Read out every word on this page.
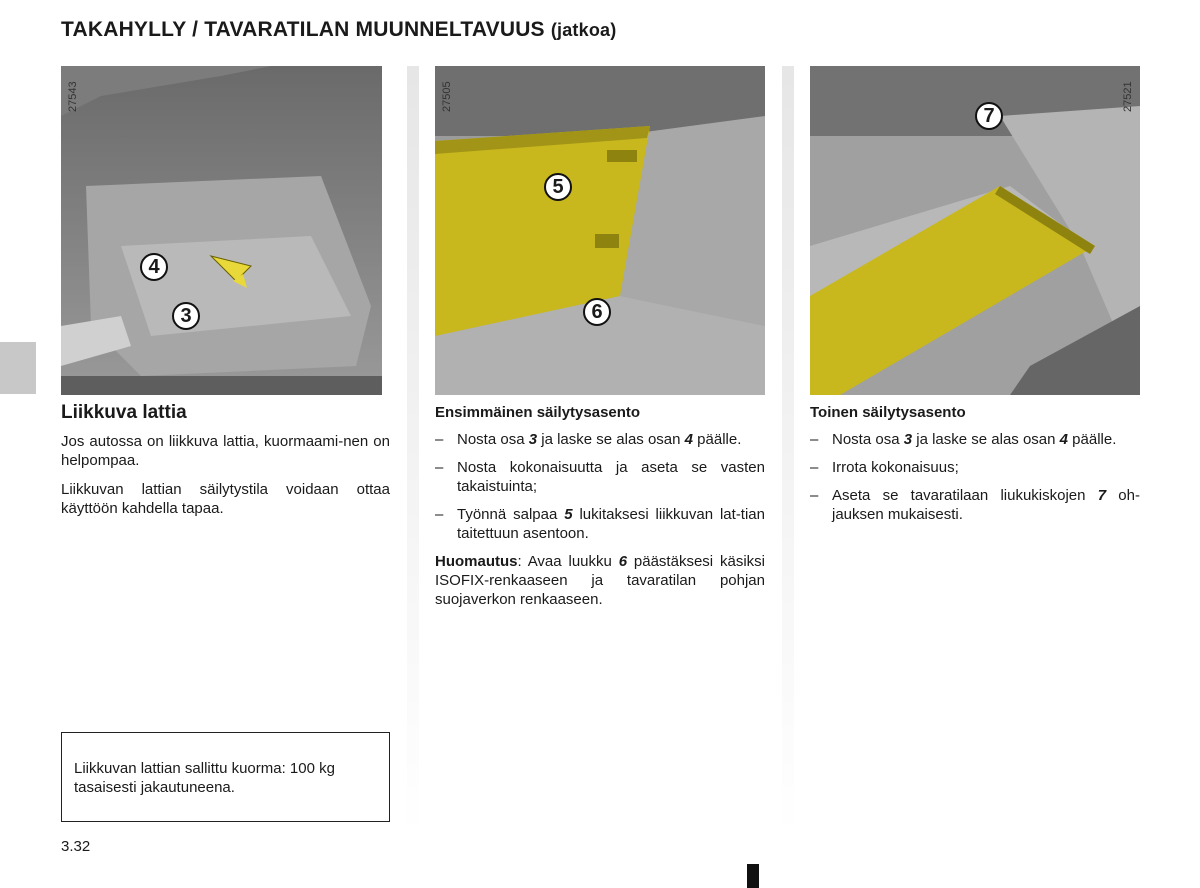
TAKAHYLLY / TAVARATILAN MUUNNELTAVUUS (jatkoa)
27543
4
3
27505
5
6
27521
7
Liikkuva lattia

Jos autossa on liikkuva lattia, kuormaami-nen on helpompaa.

Liikkuvan lattian säilytystila voidaan ottaa käyttöön kahdella tapaa.

Liikkuvan lattian sallittu kuorma: 100 kg tasaisesti jakautuneena.
Ensimmäinen säilytysasento
– Nosta osa 3 ja laske se alas osan 4 päälle.
– Nosta kokonaisuutta ja aseta se vasten takaistuinta;
– Työnnä salpaa 5 lukitaksesi liikkuvan lat-tian taitettuun asentoon.

Huomautus: Avaa luukku 6 päästäksesi käsiksi ISOFIX-renkaaseen ja tavaratilan pohjan suojaverkon renkaaseen.

Toinen säilytysasento
– Nosta osa 3 ja laske se alas osan 4 päälle.
– Irrota kokonaisuus;
– Aseta se tavaratilaan liukukiskojen 7 oh-jauksen mukaisesti.
3.32
